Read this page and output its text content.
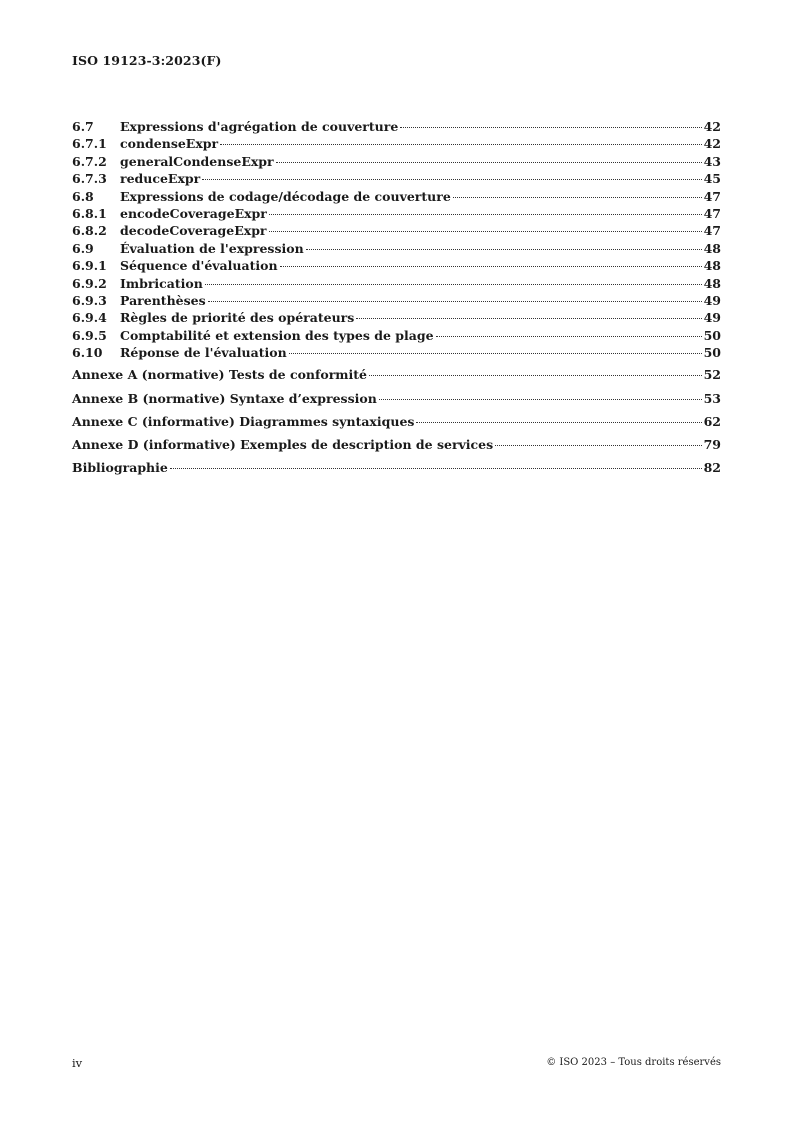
ISO 19123-3:2023(F)
6.7	Expressions d'agrégation de couverture	42
6.7.1	condenseExpr	42
6.7.2	generalCondenseExpr	43
6.7.3	reduceExpr	45
6.8	Expressions de codage/décodage de couverture	47
6.8.1	encodeCoverageExpr	47
6.8.2	decodeCoverageExpr	47
6.9	Évaluation de l'expression	48
6.9.1	Séquence d'évaluation	48
6.9.2	Imbrication	48
6.9.3	Parenthèses	49
6.9.4	Règles de priorité des opérateurs	49
6.9.5	Comptabilité et extension des types de plage	50
6.10	Réponse de l'évaluation	50
Annexe A (normative) Tests de conformité	52
Annexe B (normative) Syntaxe d’expression	53
Annexe C (informative) Diagrammes syntaxiques	62
Annexe D (informative) Exemples de description de services	79
Bibliographie	82
iv	© ISO 2023 – Tous droits réservés
